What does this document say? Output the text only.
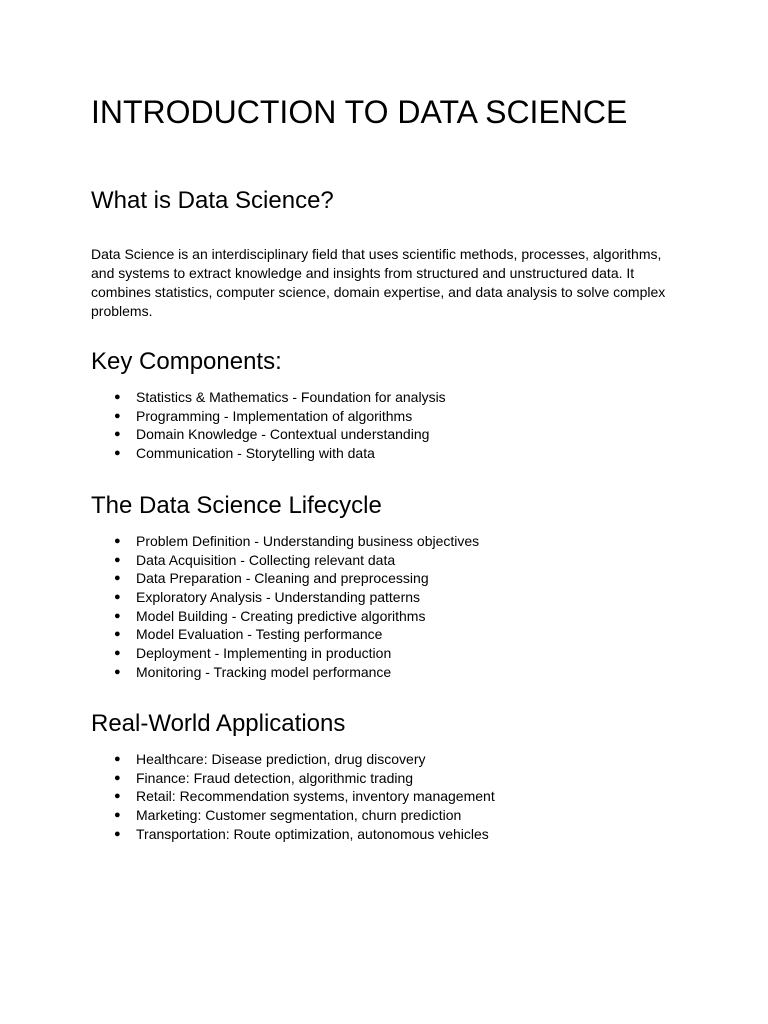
INTRODUCTION TO DATA SCIENCE
What is Data Science?

Data Science is an interdisciplinary field that uses scientific methods, processes, algorithms, and systems to extract knowledge and insights from structured and unstructured data. It combines statistics, computer science, domain expertise, and data analysis to solve complex problems.

Key Components:
● Statistics & Mathematics - Foundation for analysis
● Programming - Implementation of algorithms
● Domain Knowledge - Contextual understanding
● Communication - Storytelling with data
The Data Science Lifecycle
● Problem Definition - Understanding business objectives
● Data Acquisition - Collecting relevant data
● Data Preparation - Cleaning and preprocessing
● Exploratory Analysis - Understanding patterns
● Model Building - Creating predictive algorithms
● Model Evaluation - Testing performance
● Deployment - Implementing in production
● Monitoring - Tracking model performance
Real-World Applications
● Healthcare: Disease prediction, drug discovery
● Finance: Fraud detection, algorithmic trading
● Retail: Recommendation systems, inventory management
● Marketing: Customer segmentation, churn prediction
● Transportation: Route optimization, autonomous vehicles
